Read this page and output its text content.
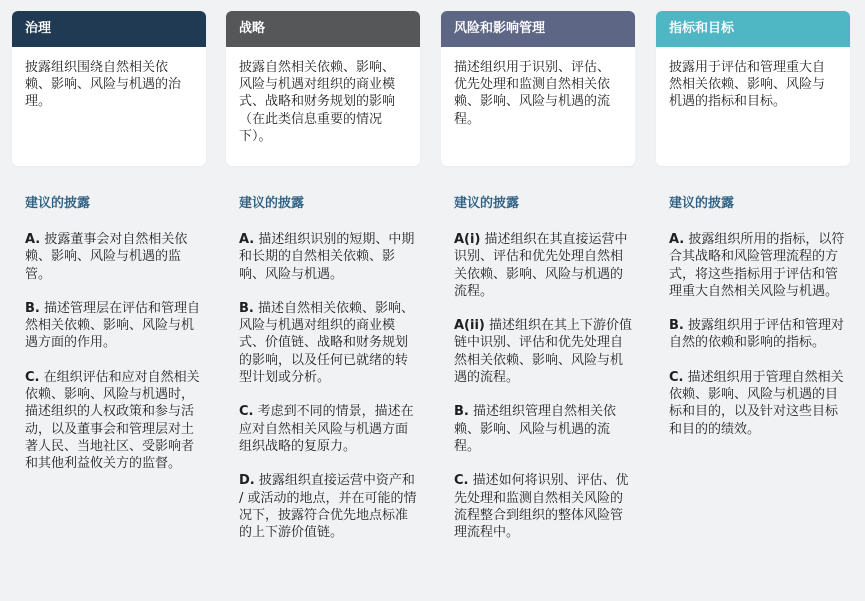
治理
披露组织围绕自然相关依赖、影响、风险与机遇的治理。
建议的披露
A. 披露董事会对自然相关依赖、影响、风险与机遇的监管。
B. 描述管理层在评估和管理自然相关依赖、影响、风险与机遇方面的作用。
C. 在组织评估和应对自然相关依赖、影响、风险与机遇时，描述组织的人权政策和参与活动，以及董事会和管理层对土著人民、当地社区、受影响者和其他利益攸关方的监督。
战略
披露自然相关依赖、影响、风险与机遇对组织的商业模式、战略和财务规划的影响（在此类信息重要的情况下）。
建议的披露
A. 描述组织识别的短期、中期和长期的自然相关依赖、影响、风险与机遇。
B. 描述自然相关依赖、影响、风险与机遇对组织的商业模式、价值链、战略和财务规划的影响，以及任何已就绪的转型计划或分析。
C. 考虑到不同的情景，描述在应对自然相关风险与机遇方面组织战略的复原力。
D. 披露组织直接运营中资产和 / 或活动的地点，并在可能的情况下，披露符合优先地点标准的上下游价值链。
风险和影响管理
描述组织用于识别、评估、优先处理和监测自然相关依赖、影响、风险与机遇的流程。
建议的披露
A(i) 描述组织在其直接运营中识别、评估和优先处理自然相关依赖、影响、风险与机遇的流程。
A(ii) 描述组织在其上下游价值链中识别、评估和优先处理自然相关依赖、影响、风险与机遇的流程。
B. 描述组织管理自然相关依赖、影响、风险与机遇的流程。
C. 描述如何将识别、评估、优先处理和监测自然相关风险的流程整合到组织的整体风险管理流程中。
指标和目标
披露用于评估和管理重大自然相关依赖、影响、风险与机遇的指标和目标。
建议的披露
A. 披露组织所用的指标，以符合其战略和风险管理流程的方式，将这些指标用于评估和管理重大自然相关风险与机遇。
B. 披露组织用于评估和管理对自然的依赖和影响的指标。
C. 描述组织用于管理自然相关依赖、影响、风险与机遇的目标和目的，以及针对这些目标和目的的绩效。
